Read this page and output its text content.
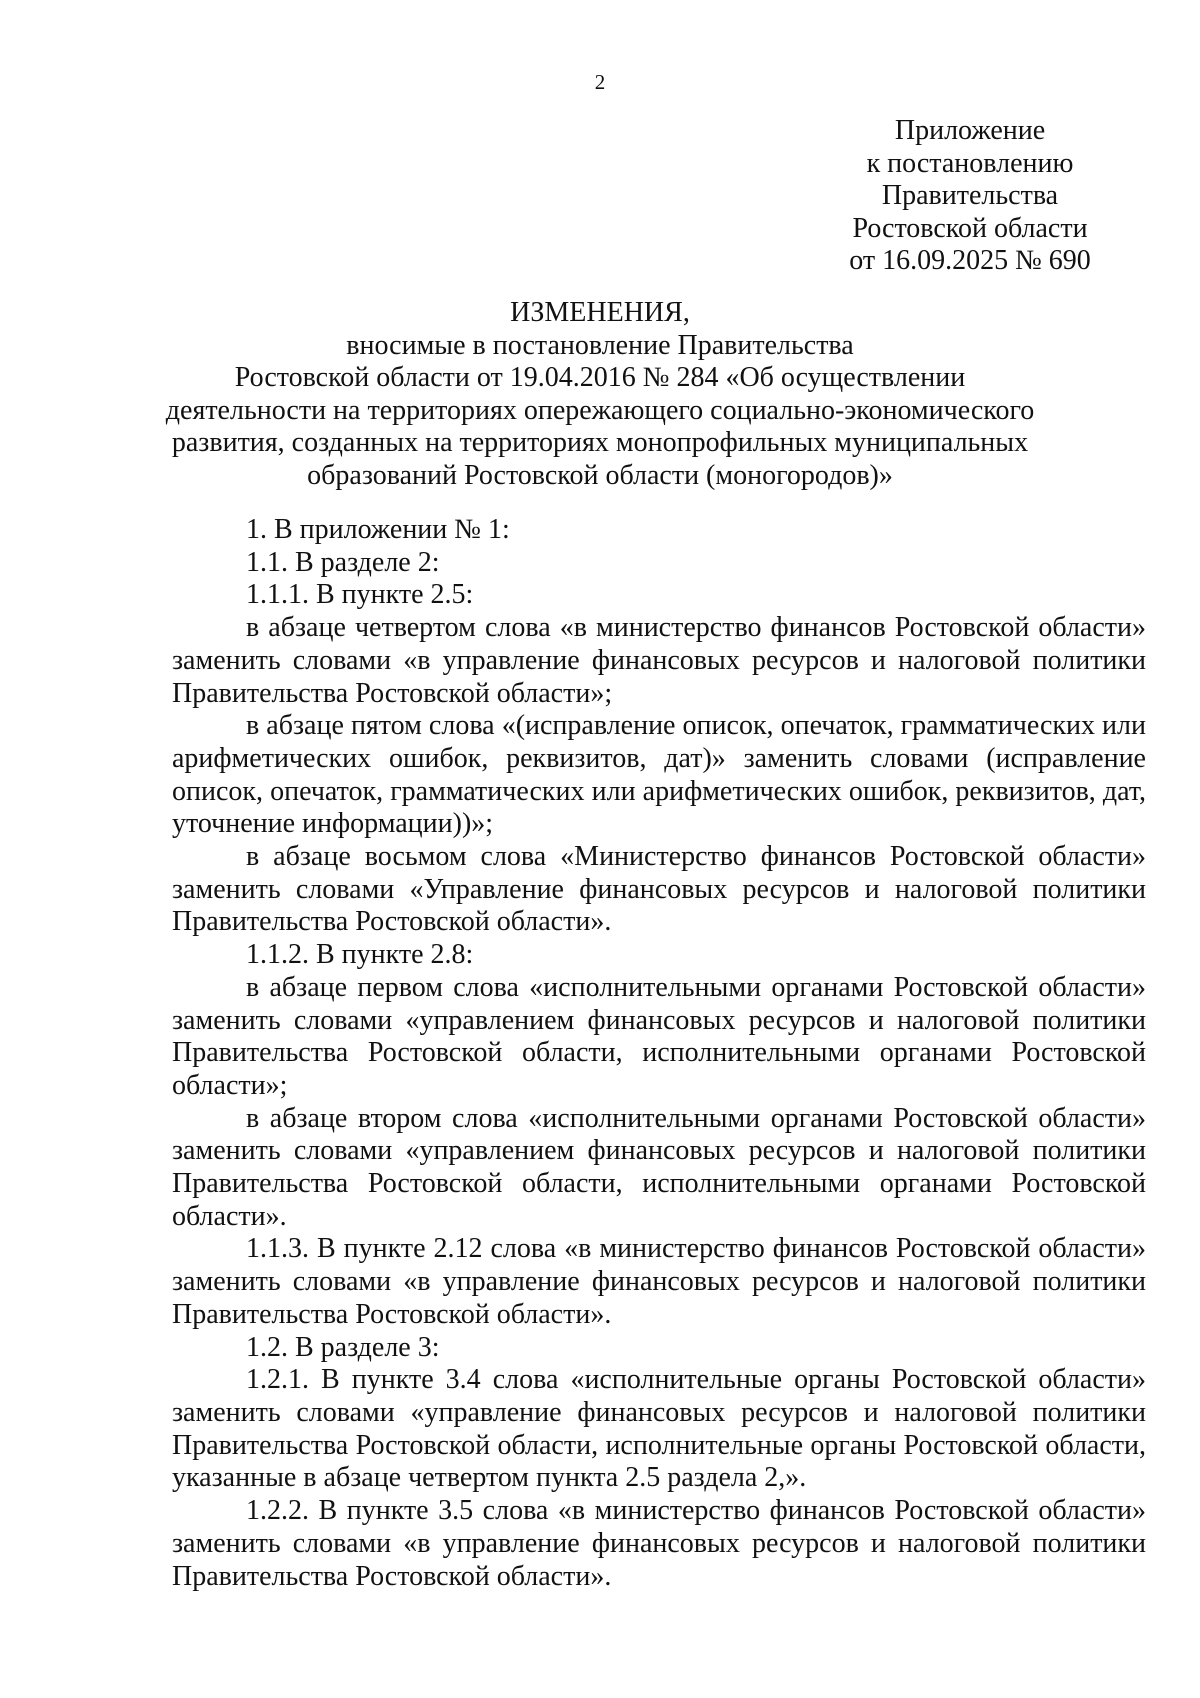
2
Приложение
к постановлению
Правительства
Ростовской области
от 16.09.2025 № 690
ИЗМЕНЕНИЯ,
вносимые в постановление Правительства
Ростовской области от 19.04.2016 № 284 «Об осуществлении
деятельности на территориях опережающего социально-экономического
развития, созданных на территориях монопрофильных муниципальных
образований Ростовской области (моногородов)»

1. В приложении № 1:

1.1. В разделе 2:

1.1.1. В пункте 2.5:

в абзаце четвертом слова «в министерство финансов Ростовской области» заменить словами «в управление финансовых ресурсов и налоговой политики Правительства Ростовской области»;

в абзаце пятом слова «(исправление описок, опечаток, грамматических или арифметических ошибок, реквизитов, дат)» заменить словами (исправление описок, опечаток, грамматических или арифметических ошибок, реквизитов, дат, уточнение информации))»;

в абзаце восьмом слова «Министерство финансов Ростовской области» заменить словами «Управление финансовых ресурсов и налоговой политики Правительства Ростовской области».

1.1.2. В пункте 2.8:

в абзаце первом слова «исполнительными органами Ростовской области» заменить словами «управлением финансовых ресурсов и налоговой политики Правительства Ростовской области, исполнительными органами Ростовской области»;

в абзаце втором слова «исполнительными органами Ростовской области» заменить словами «управлением финансовых ресурсов и налоговой политики Правительства Ростовской области, исполнительными органами Ростовской области».

1.1.3. В пункте 2.12 слова «в министерство финансов Ростовской области» заменить словами «в управление финансовых ресурсов и налоговой политики Правительства Ростовской области».

1.2. В разделе 3:

1.2.1. В пункте 3.4 слова «исполнительные органы Ростовской области» заменить словами «управление финансовых ресурсов и налоговой политики Правительства Ростовской области, исполнительные органы Ростовской области, указанные в абзаце четвертом пункта 2.5 раздела 2,».

1.2.2. В пункте 3.5 слова «в министерство финансов Ростовской области» заменить словами «в управление финансовых ресурсов и налоговой политики Правительства Ростовской области».
